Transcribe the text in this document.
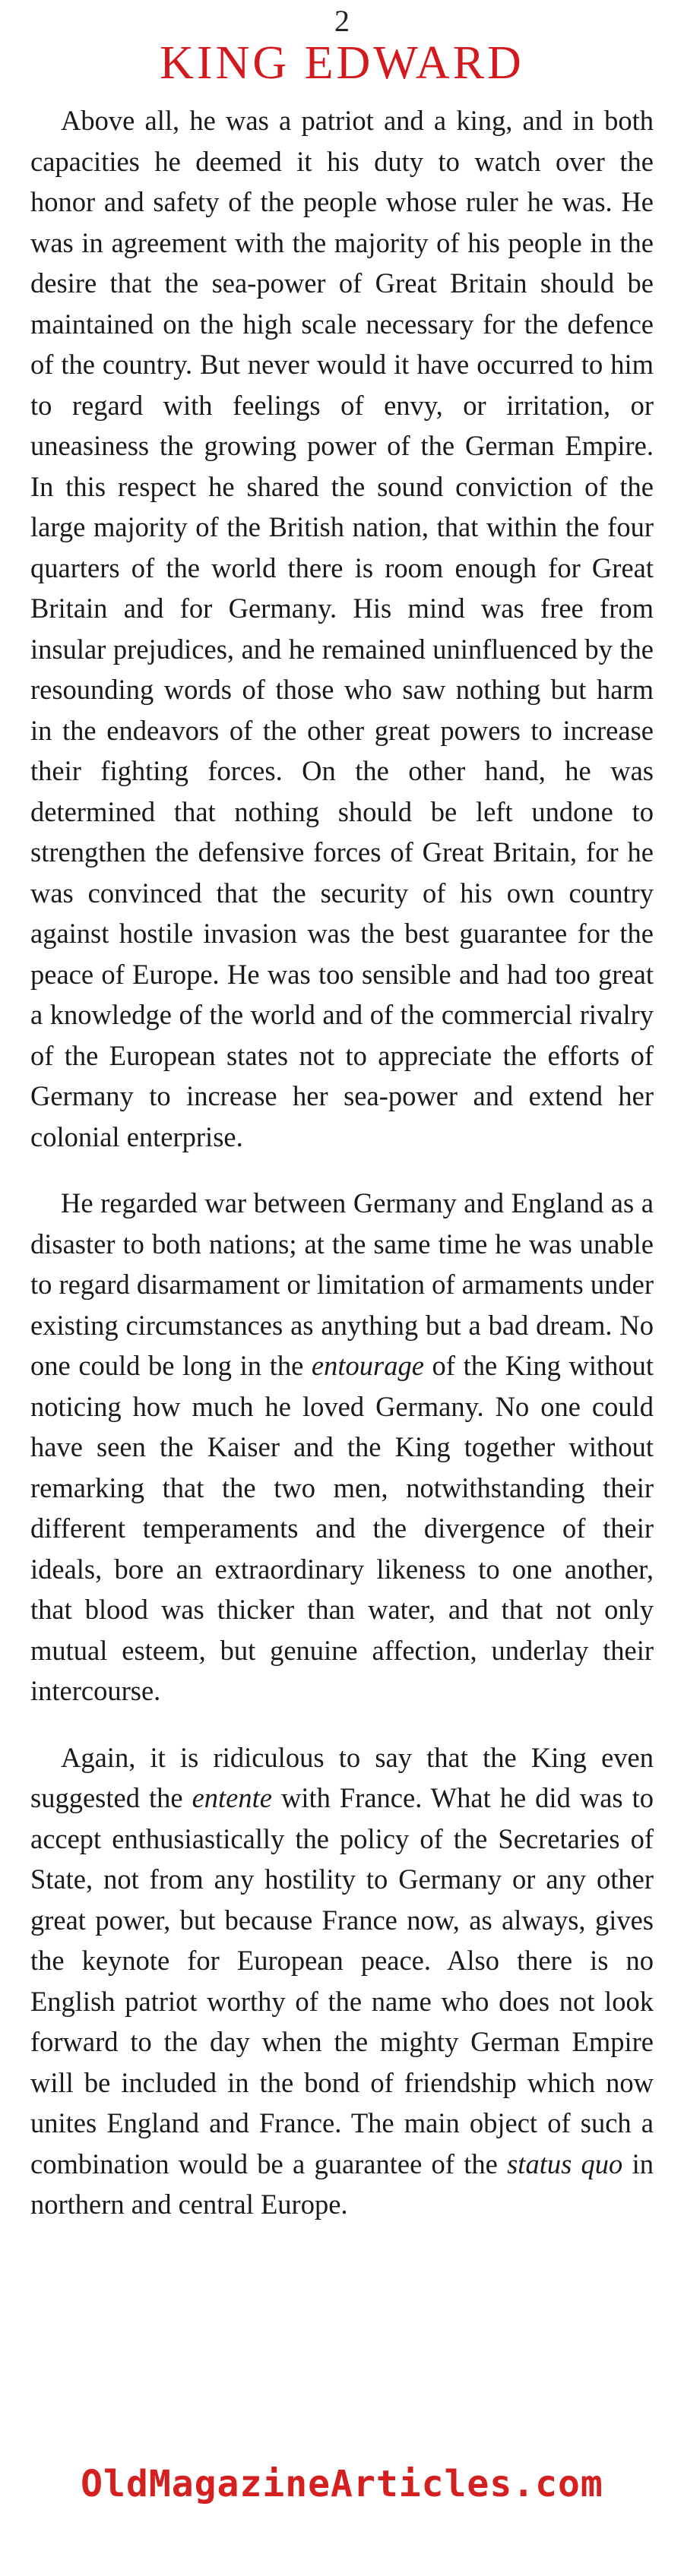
2
KING EDWARD

Above all, he was a patriot and a king, and in both capacities he deemed it his duty to watch over the honor and safety of the people whose ruler he was. He was in agreement with the majority of his people in the desire that the sea-power of Great Britain should be maintained on the high scale necessary for the defence of the country. But never would it have occurred to him to regard with feelings of envy, or irritation, or uneasiness the growing power of the German Empire. In this respect he shared the sound conviction of the large majority of the British nation, that within the four quarters of the world there is room enough for Great Britain and for Germany. His mind was free from insular prejudices, and he remained uninfluenced by the resounding words of those who saw nothing but harm in the endeavors of the other great powers to increase their fighting forces. On the other hand, he was determined that nothing should be left undone to strengthen the defensive forces of Great Britain, for he was convinced that the security of his own country against hostile invasion was the best guarantee for the peace of Europe. He was too sensible and had too great a knowledge of the world and of the commercial rivalry of the European states not to appreciate the efforts of Germany to increase her sea-power and extend her colonial enterprise.

He regarded war between Germany and England as a disaster to both nations; at the same time he was unable to regard disarmament or limitation of armaments under existing circumstances as anything but a bad dream. No one could be long in the entourage of the King without noticing how much he loved Germany. No one could have seen the Kaiser and the King together without remarking that the two men, notwithstanding their different temperaments and the divergence of their ideals, bore an extraordinary likeness to one another, that blood was thicker than water, and that not only mutual esteem, but genuine affection, underlay their intercourse.

Again, it is ridiculous to say that the King even suggested the entente with France. What he did was to accept enthusiastically the policy of the Secretaries of State, not from any hostility to Germany or any other great power, but because France now, as always, gives the keynote for European peace. Also there is no English patriot worthy of the name who does not look forward to the day when the mighty German Empire will be included in the bond of friendship which now unites England and France. The main object of such a combination would be a guarantee of the status quo in northern and central Europe.

OldMagazineArticles.com
